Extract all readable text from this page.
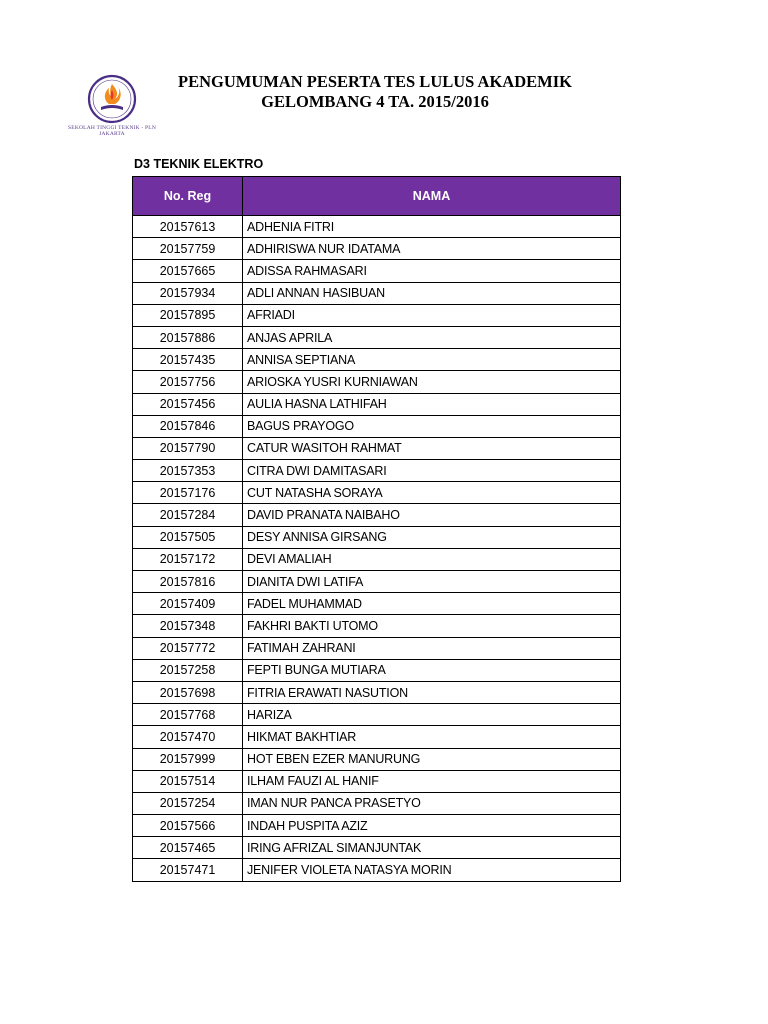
SEKOLAH TINGGI TEKNIK - PLN
JAKARTA
PENGUMUMAN PESERTA TES LULUS AKADEMIK
GELOMBANG 4 TA. 2015/2016
D3 TEKNIK ELEKTRO
No. Reg	NAMA
20157613	ADHENIA FITRI
20157759	ADHIRISWA NUR IDATAMA
20157665	ADISSA RAHMASARI
20157934	ADLI ANNAN HASIBUAN
20157895	AFRIADI
20157886	ANJAS APRILA
20157435	ANNISA SEPTIANA
20157756	ARIOSKA YUSRI KURNIAWAN
20157456	AULIA HASNA LATHIFAH
20157846	BAGUS PRAYOGO
20157790	CATUR WASITOH RAHMAT
20157353	CITRA DWI DAMITASARI
20157176	CUT NATASHA SORAYA
20157284	DAVID PRANATA NAIBAHO
20157505	DESY ANNISA GIRSANG
20157172	DEVI AMALIAH
20157816	DIANITA DWI LATIFA
20157409	FADEL MUHAMMAD
20157348	FAKHRI BAKTI UTOMO
20157772	FATIMAH ZAHRANI
20157258	FEPTI BUNGA MUTIARA
20157698	FITRIA ERAWATI NASUTION
20157768	HARIZA
20157470	HIKMAT BAKHTIAR
20157999	HOT EBEN EZER MANURUNG
20157514	ILHAM FAUZI AL HANIF
20157254	IMAN NUR PANCA PRASETYO
20157566	INDAH PUSPITA AZIZ
20157465	IRING AFRIZAL SIMANJUNTAK
20157471	JENIFER VIOLETA NATASYA MORIN
